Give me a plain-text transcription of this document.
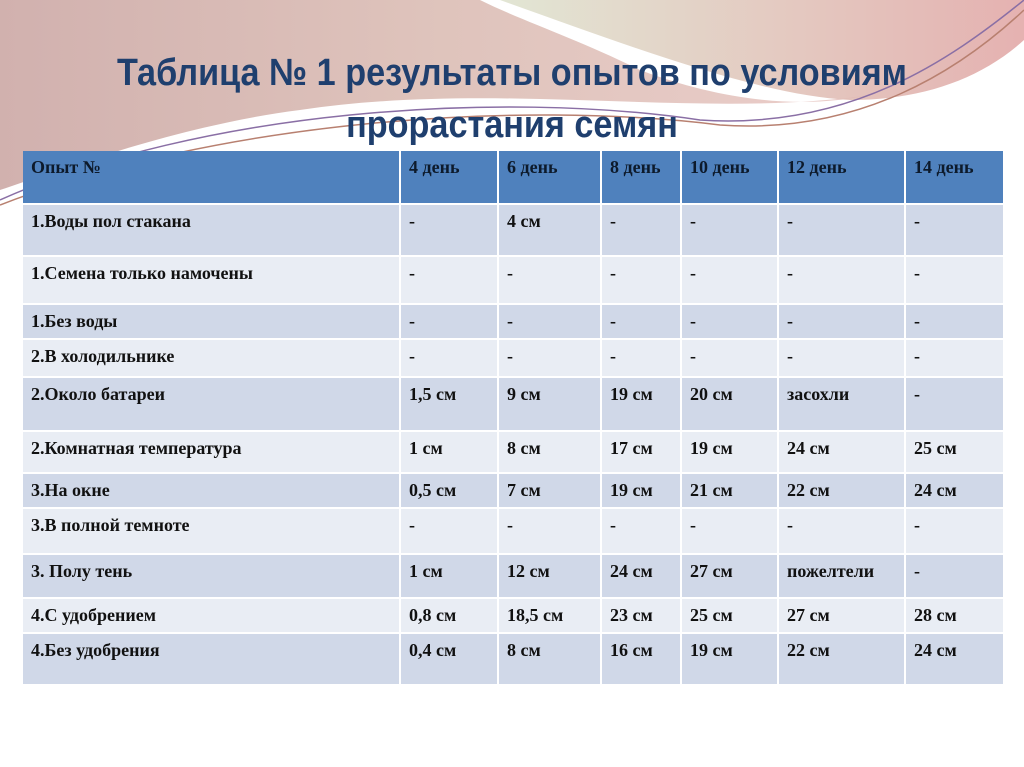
Таблица № 1 результаты опытов по условиям
прорастания семян
Опыт №	4 день	6 день	8 день	10 день	12 день	14 день
1.Воды пол стакана	-	4 см	-	-	-	-
1.Семена только намочены	-	-	-	-	-	-
1.Без воды	-	-	-	-	-	-
2.В холодильнике	-	-	-	-	-	-
2.Около батареи	1,5 см	9 см	19 см	20 см	засохли	-
2.Комнатная температура	1 см	8 см	17 см	19 см	24 см	25 см
3.На окне	0,5 см	7 см	19 см	21 см	22 см	24 см
3.В полной темноте	-	-	-	-	-	-
3. Полу тень	1 см	12 см	24 см	27 см	пожелтели	-
4.С удобрением	0,8 см	18,5 см	23 см	25 см	27 см	28 см
4.Без удобрения	0,4 см	8 см	16 см	19 см	22 см	24 см
